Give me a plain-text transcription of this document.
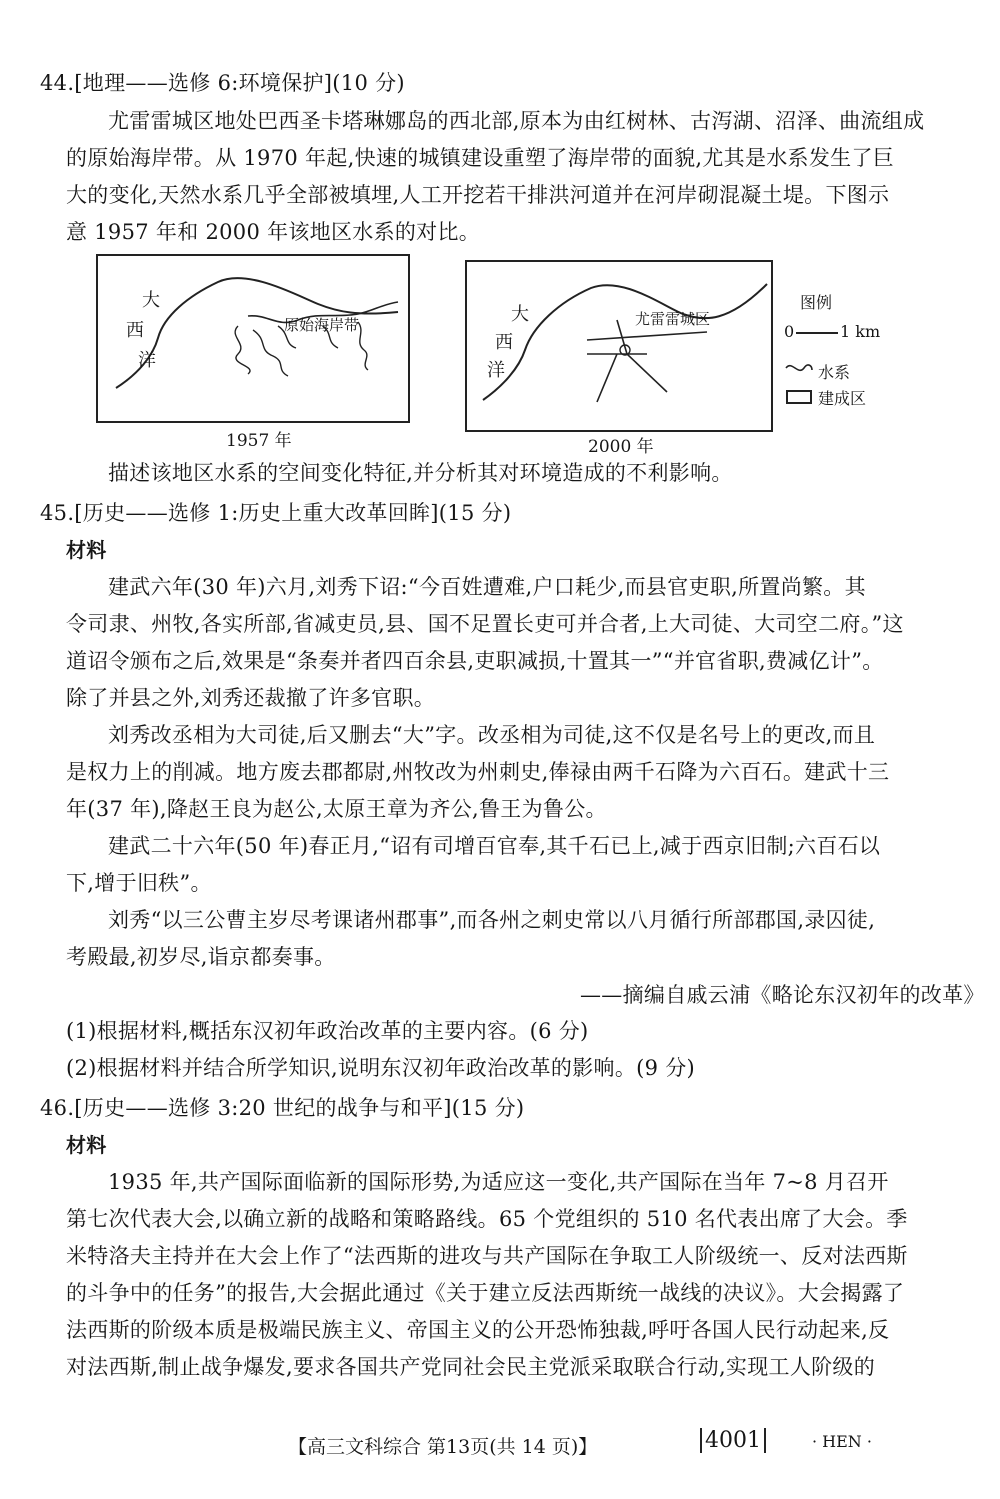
44.[地理——选修 6:环境保护](10 分)
尤雷雷城区地处巴西圣卡塔琳娜岛的西北部,原本为由红树林、古泻湖、沼泽、曲流组成
的原始海岸带。从 1970 年起,快速的城镇建设重塑了海岸带的面貌,尤其是水系发生了巨
大的变化,天然水系几乎全部被填埋,人工开挖若干排洪河道并在河岸砌混凝土堤。下图示
意 1957 年和 2000 年该地区水系的对比。
大
西
洋
原始海岸带
1957 年
大
西
洋
尤雷雷城区
2000 年
图例
0	1 km
水系
建成区
描述该地区水系的空间变化特征,并分析其对环境造成的不利影响。
45.[历史——选修 1:历史上重大改革回眸](15 分)
材料
建武六年(30 年)六月,刘秀下诏:“今百姓遭难,户口耗少,而县官吏职,所置尚繁。其
令司隶、州牧,各实所部,省减吏员,县、国不足置长吏可并合者,上大司徒、大司空二府。”这
道诏令颁布之后,效果是“条奏并者四百余县,吏职减损,十置其一”“并官省职,费减亿计”。
除了并县之外,刘秀还裁撤了许多官职。
刘秀改丞相为大司徒,后又删去“大”字。改丞相为司徒,这不仅是名号上的更改,而且
是权力上的削减。地方废去郡都尉,州牧改为州刺史,俸禄由两千石降为六百石。建武十三
年(37 年),降赵王良为赵公,太原王章为齐公,鲁王为鲁公。
建武二十六年(50 年)春正月,“诏有司增百官奉,其千石已上,减于西京旧制;六百石以
下,增于旧秩”。
刘秀“以三公曹主岁尽考课诸州郡事”,而各州之刺史常以八月循行所部郡国,录囚徒,
考殿最,初岁尽,诣京都奏事。
——摘编自戚云浦《略论东汉初年的改革》
(1)根据材料,概括东汉初年政治改革的主要内容。(6 分)
(2)根据材料并结合所学知识,说明东汉初年政治改革的影响。(9 分)
46.[历史——选修 3:20 世纪的战争与和平](15 分)
材料
1935 年,共产国际面临新的国际形势,为适应这一变化,共产国际在当年 7~8 月召开
第七次代表大会,以确立新的战略和策略路线。65 个党组织的 510 名代表出席了大会。季
米特洛夫主持并在大会上作了“法西斯的进攻与共产国际在争取工人阶级统一、反对法西斯
的斗争中的任务”的报告,大会据此通过《关于建立反法西斯统一战线的决议》。大会揭露了
法西斯的阶级本质是极端民族主义、帝国主义的公开恐怖独裁,呼吁各国人民行动起来,反
对法西斯,制止战争爆发,要求各国共产党同社会民主党派采取联合行动,实现工人阶级的
【高三文科综合 第13页(共 14 页)】	4001	· HEN ·
